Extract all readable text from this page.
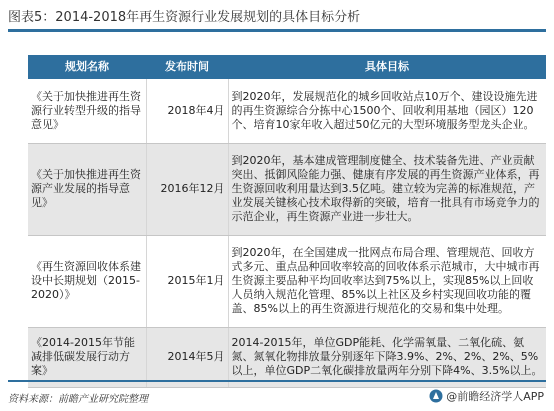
图表5：2014-2018年再生资源行业发展规划的具体目标分析
规划名称	发布时间	具体目标
《关于加快推进再生资源行业转型升级的指导意见》	2018年4月	到2020年，发展规范化的城乡回收站点10万个、建设设施先进的再生资源综合分拣中心1500个、回收利用基地（园区）120个、培育10家年收入超过50亿元的大型环境服务型龙头企业。
《关于加快推进再生资源产业发展的指导意见》	2016年12月	到2020年，基本建成管理制度健全、技术装备先进、产业贡献突出、抵御风险能力强、健康有序发展的再生资源产业体系，再生资源回收利用量达到3.5亿吨。建立较为完善的标准规范，产业发展关键核心技术取得新的突破，培育一批具有市场竞争力的示范企业，再生资源产业进一步壮大。
《再生资源回收体系建设中长期规划（2015-2020）》	2015年1月	到2020年，在全国建成一批网点布局合理、管理规范、回收方式多元、重点品种回收率较高的回收体系示范城市，大中城市再生资源主要品种平均回收率达到75%以上，实现85%以上回收人员纳入规范化管理、85%以上社区及乡村实现回收功能的覆盖、85%以上的再生资源进行规范化的交易和集中处理。
《2014-2015年节能减排低碳发展行动方案》	2014年5月	2014-2015年，单位GDP能耗、化学需氧量、二氧化硫、氨氮、氮氧化物排放量分别逐年下降3.9%、2%、2%、2%、5%以上，单位GDP二氧化碳排放量两年分别下降4%、3.5%以上。
资料来源：前瞻产业研究院整理	@前瞻经济学人APP
